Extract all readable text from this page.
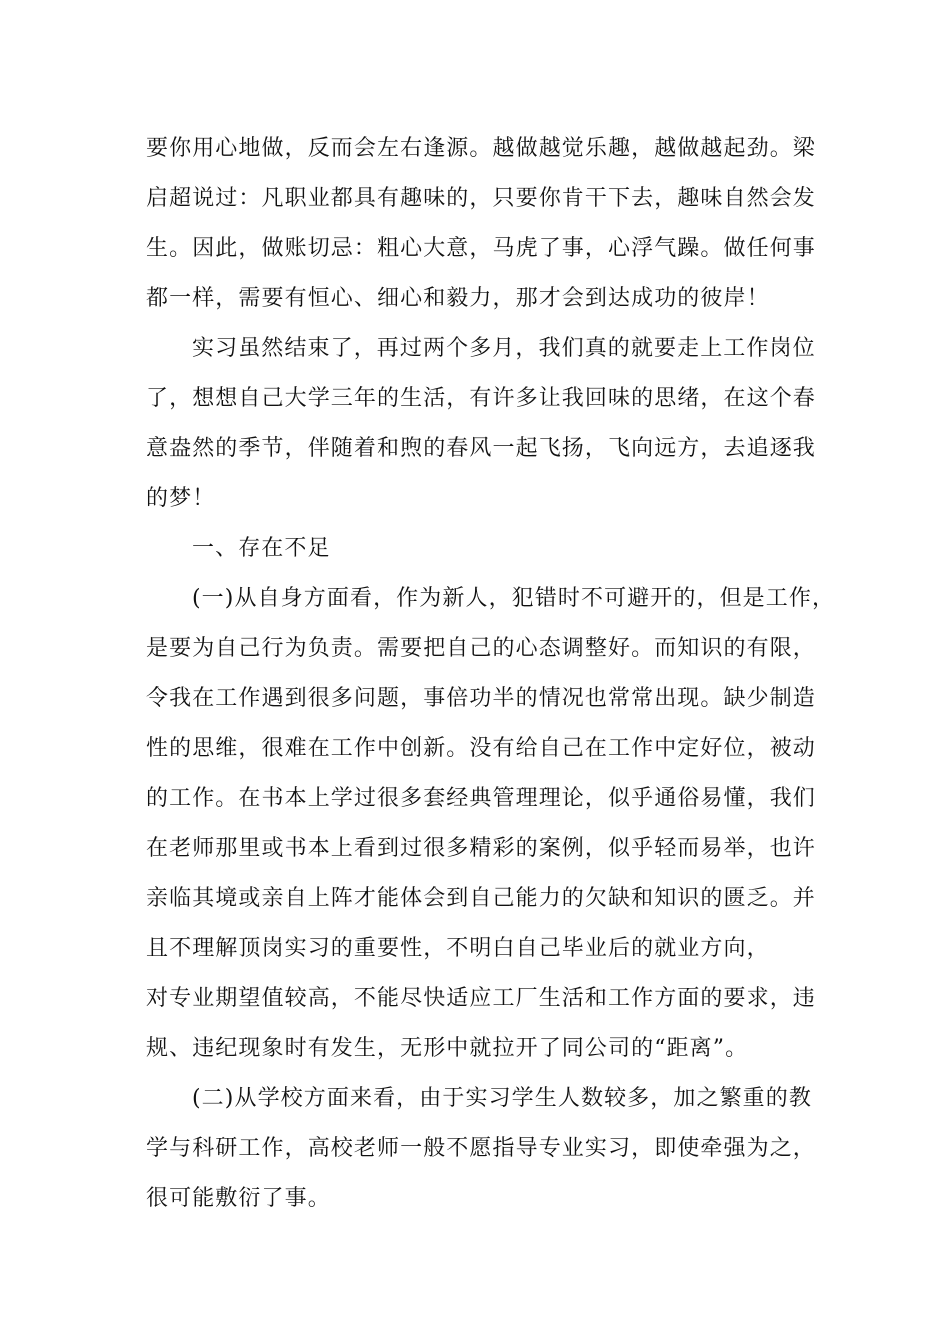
要你用心地做，反而会左右逢源。越做越觉乐趣，越做越起劲。梁
启超说过：凡职业都具有趣味的，只要你肯干下去，趣味自然会发
生。因此，做账切忌：粗心大意，马虎了事，心浮气躁。做任何事
都一样，需要有恒心、细心和毅力，那才会到达成功的彼岸！
实习虽然结束了，再过两个多月，我们真的就要走上工作岗位
了，想想自己大学三年的生活，有许多让我回味的思绪，在这个春
意盎然的季节，伴随着和煦的春风一起飞扬，飞向远方，去追逐我
的梦！
一、存在不足
(一)从自身方面看，作为新人，犯错时不可避开的，但是工作，
是要为自己行为负责。需要把自己的心态调整好。而知识的有限，
令我在工作遇到很多问题，事倍功半的情况也常常出现。缺少制造
性的思维，很难在工作中创新。没有给自己在工作中定好位，被动
的工作。在书本上学过很多套经典管理理论，似乎通俗易懂，我们
在老师那里或书本上看到过很多精彩的案例，似乎轻而易举，也许
亲临其境或亲自上阵才能体会到自己能力的欠缺和知识的匮乏。并
且不理解顶岗实习的重要性，不明白自己毕业后的就业方向，
对专业期望值较高，不能尽快适应工厂生活和工作方面的要求，违
规、违纪现象时有发生，无形中就拉开了同公司的“距离”。
(二)从学校方面来看，由于实习学生人数较多，加之繁重的教
学与科研工作，高校老师一般不愿指导专业实习，即使牵强为之，
很可能敷衍了事。
